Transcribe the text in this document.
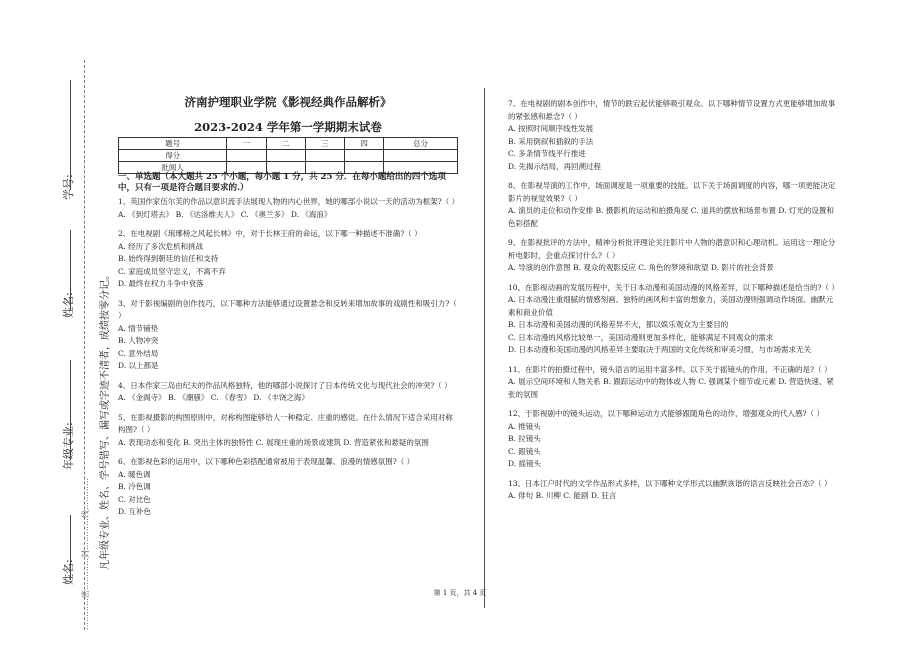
学号:
姓名:
年级专业:
姓名:
凡年级专业、姓名、学号错写、漏写或字迹不清者，成绩按零分记。
…………密…………封…………线…………
济南护理职业学院《影视经典作品解析》
2023-2024 学年第一学期期末试卷
题号	一	二	三	四	总分
得分					
批阅人					
一、单选题（本大题共 25 个小题，每小题 1 分，共 25 分．在每小题给出的四个选项中，只有一项是符合题目要求的.）

1、英国作家伍尔芙的作品以意识流手法展现人物的内心世界，她的哪部小说以一天的活动为框架?（ ）

A. 《到灯塔去》 B. 《达洛维夫人》 C. 《奥兰多》 D. 《海浪》

2、在电视剧《琅琊榜之风起长林》中，对于长林王府的命运，以下哪一种描述不准确?（ ）

A. 经历了多次危机和挑战

B. 始终得到朝廷的信任和支持

C. 家庭成员坚守忠义，不离不弃

D. 最终在权力斗争中衰落

3、对于影视编剧的创作技巧，以下哪种方法能够通过设置悬念和反转来增加故事的戏剧性和吸引力?（ ）

A. 情节铺垫

B. 人物冲突

C. 意外结局

D. 以上都是

4、日本作家三岛由纪夫的作品风格独特，他的哪部小说探讨了日本传统文化与现代社会的冲突?（ ）

A. 《金阁寺》 B. 《潮骚》 C. 《春雪》 D. 《丰饶之海》

5、在影视摄影的构图原则中，对称构图能够给人一种稳定、庄重的感觉。在什么情况下适合采用对称构图?（ ）

A. 表现动态和变化 B. 突出主体的独特性 C. 展现庄重的场景或建筑 D. 营造紧张和悬疑的氛围

6、在影视色彩的运用中，以下哪种色彩搭配通常被用于表现温馨、浪漫的情感氛围?（ ）

A. 暖色调

B. 冷色调

C. 对比色

D. 互补色

7、在电视剧的剧本创作中，情节的跌宕起伏能够吸引观众。以下哪种情节设置方式更能够增加故事的紧张感和悬念?（ ）

A. 按照时间顺序线性发展

B. 采用倒叙和插叙的手法

C. 多条情节线平行推进

D. 先揭示结局，再回溯过程

8、在影视导演的工作中，场面调度是一项重要的技能。以下关于场面调度的内容，哪一项更能决定影片的视觉效果?（ ）

A. 演员的走位和动作安排 B. 摄影机的运动和拍摄角度 C. 道具的摆放和场景布置 D. 灯光的设置和色彩搭配

9、在影视批评的方法中，精神分析批评理论关注影片中人物的潜意识和心理动机。运用这一理论分析电影时，会重点探讨什么?（ ）

A. 导演的创作意图 B. 观众的观影反应 C. 角色的梦境和欲望 D. 影片的社会背景

10、在影视动画的发展历程中，关于日本动漫和美国动漫的风格差异，以下哪种描述是恰当的?（ ）

A. 日本动漫注重细腻的情感刻画、独特的画风和丰富的想象力，美国动漫则强调动作场面、幽默元素和商业价值

B. 日本动漫和美国动漫的风格差异不大，都以娱乐观众为主要目的

C. 日本动漫的风格比较单一，美国动漫则更加多样化，能够满足不同观众的需求

D. 日本动漫和美国动漫的风格差异主要取决于两国的文化传统和审美习惯，与市场需求无关

11、在影片的拍摄过程中，镜头语言的运用丰富多样。以下关于摇镜头的作用，不正确的是?（ ）

A. 展示空间环境和人物关系 B. 跟踪运动中的物体或人物 C. 强调某个细节或元素 D. 营造快速、紧张的氛围

12、于影视剧中的镜头运动，以下哪种运动方式能够跟随角色的动作，增强观众的代入感?（ ）

A. 推镜头

B. 拉镜头

C. 跟镜头

D. 摇镜头

13、日本江户时代的文学作品形式多样，以下哪种文学形式以幽默诙谐的语言反映社会百态?（ ）

A. 俳句 B. 川柳 C. 能剧 D. 狂言

第 1 页，共 4 页
